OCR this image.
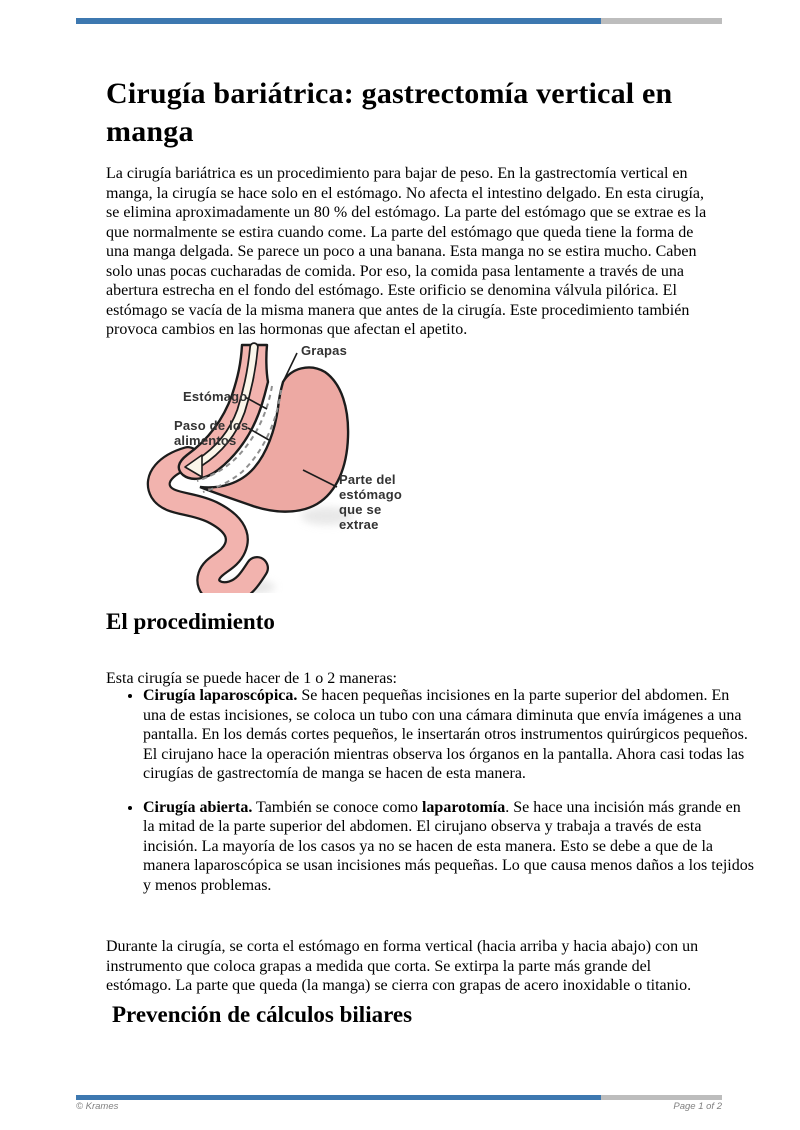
Cirugía bariátrica: gastrectomía vertical en manga

La cirugía bariátrica es un procedimiento para bajar de peso. En la gastrectomía vertical en manga, la cirugía se hace solo en el estómago. No afecta el intestino delgado. En esta cirugía, se elimina aproximadamente un 80 % del estómago. La parte del estómago que se extrae es la que normalmente se estira cuando come. La parte del estómago que queda tiene la forma de una manga delgada. Se parece un poco a una banana. Esta manga no se estira mucho. Caben solo unas pocas cucharadas de comida. Por eso, la comida pasa lentamente a través de una abertura estrecha en el fondo del estómago. Este orificio se denomina válvula pilórica. El estómago se vacía de la misma manera que antes de la cirugía. Este procedimiento también provoca cambios en las hormonas que afectan el apetito.

Grapas
Estómago
Paso de los alimentos
Parte del estómago que se extrae
El procedimiento

Esta cirugía se puede hacer de 1 o 2 maneras:

• Cirugía laparoscópica. Se hacen pequeñas incisiones en la parte superior del abdomen. En una de estas incisiones, se coloca un tubo con una cámara diminuta que envía imágenes a una pantalla. En los demás cortes pequeños, le insertarán otros instrumentos quirúrgicos pequeños. El cirujano hace la operación mientras observa los órganos en la pantalla. Ahora casi todas las cirugías de gastrectomía de manga se hacen de esta manera.
• Cirugía abierta. También se conoce como laparotomía. Se hace una incisión más grande en la mitad de la parte superior del abdomen. El cirujano observa y trabaja a través de esta incisión. La mayoría de los casos ya no se hacen de esta manera. Esto se debe a que de la manera laparoscópica se usan incisiones más pequeñas. Lo que causa menos daños a los tejidos y menos problemas.

Durante la cirugía, se corta el estómago en forma vertical (hacia arriba y hacia abajo) con un instrumento que coloca grapas a medida que corta. Se extirpa la parte más grande del estómago. La parte que queda (la manga) se cierra con grapas de acero inoxidable o titanio.

Prevención de cálculos biliares
© Krames	Page 1 of 2
